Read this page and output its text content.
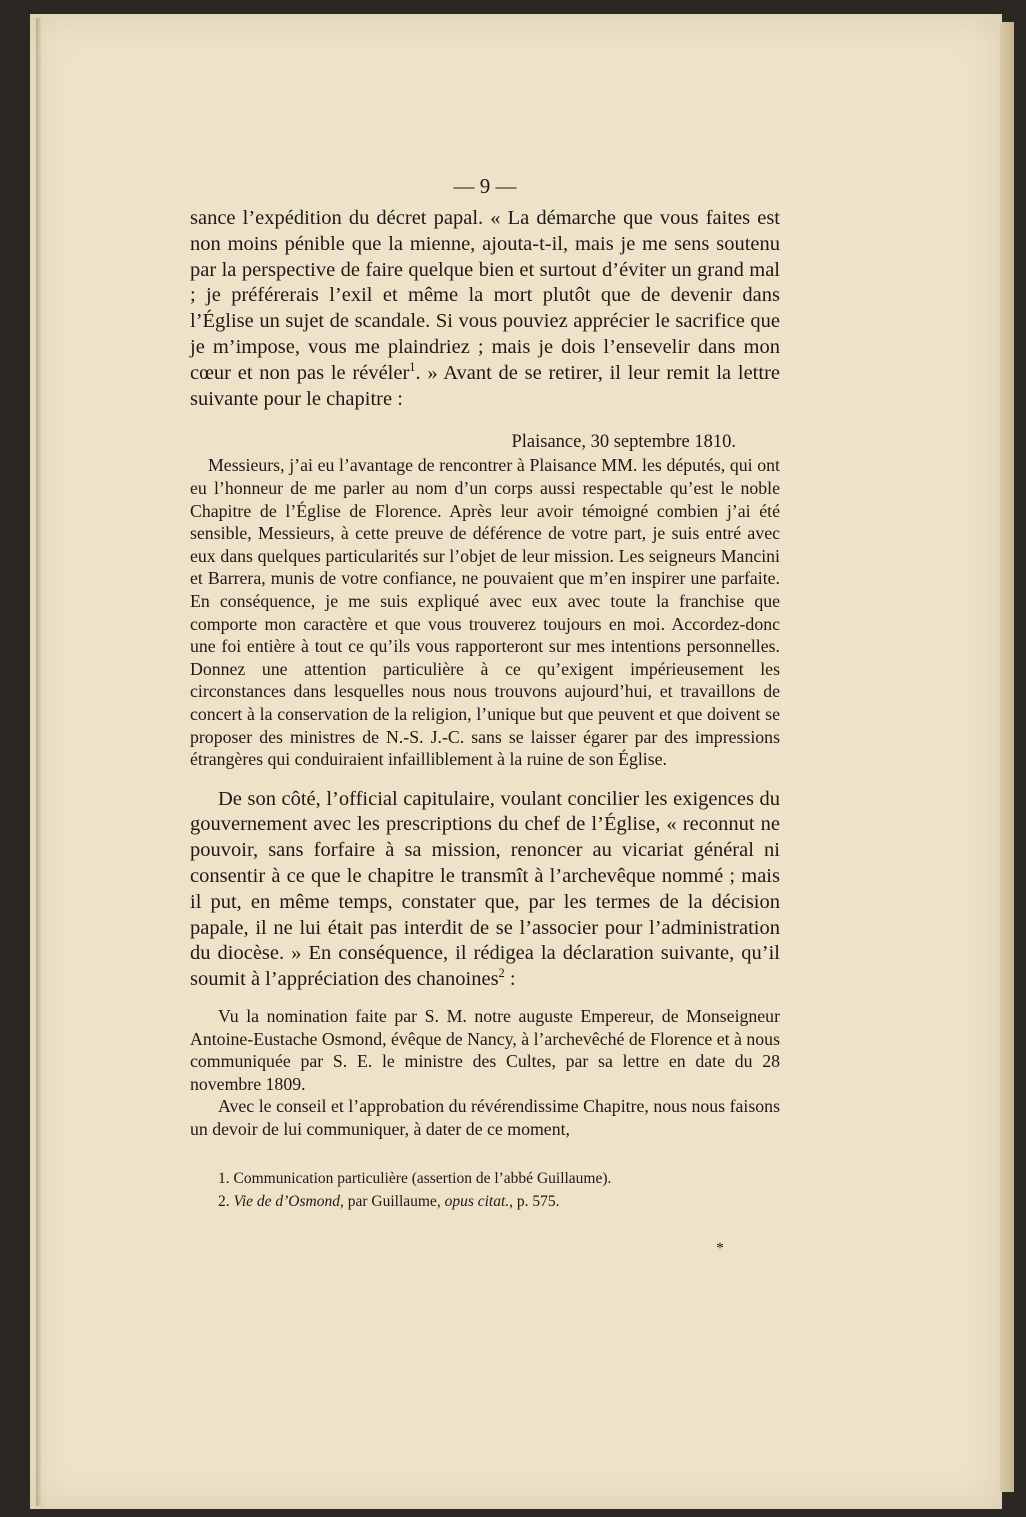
— 9 —

sance l’expédition du décret papal. « La démarche que vous faites est non moins pénible que la mienne, ajouta-t-il, mais je me sens soutenu par la perspective de faire quelque bien et surtout d’éviter un grand mal ; je préférerais l’exil et même la mort plutôt que de devenir dans l’Église un sujet de scandale. Si vous pouviez apprécier le sacrifice que je m’impose, vous me plaindriez ; mais je dois l’ensevelir dans mon cœur et non pas le révéler$^1$. » Avant de se retirer, il leur remit la lettre suivante pour le chapitre :

Plaisance, 30 septembre 1810.

Messieurs, j’ai eu l’avantage de rencontrer à Plaisance MM. les députés, qui ont eu l’honneur de me parler au nom d’un corps aussi respectable qu’est le noble Chapitre de l’Église de Florence. Après leur avoir témoigné combien j’ai été sensible, Messieurs, à cette preuve de déférence de votre part, je suis entré avec eux dans quelques particularités sur l’objet de leur mission. Les seigneurs Mancini et Barrera, munis de votre confiance, ne pouvaient que m’en inspirer une parfaite. En conséquence, je me suis expliqué avec eux avec toute la franchise que comporte mon caractère et que vous trouverez toujours en moi. Accordez-donc une foi entière à tout ce qu’ils vous rapporteront sur mes intentions personnelles. Donnez une attention particulière à ce qu’exigent impérieusement les circonstances dans lesquelles nous nous trouvons aujourd’hui, et travaillons de concert à la conservation de la religion, l’unique but que peuvent et que doivent se proposer des ministres de N.-S. J.-C. sans se laisser égarer par des impressions étrangères qui conduiraient infailliblement à la ruine de son Église.

De son côté, l’official capitulaire, voulant concilier les exigences du gouvernement avec les prescriptions du chef de l’Église, « reconnut ne pouvoir, sans forfaire à sa mission, renoncer au vicariat général ni consentir à ce que le chapitre le transmît à l’archevêque nommé ; mais il put, en même temps, constater que, par les termes de la décision papale, il ne lui était pas interdit de se l’associer pour l’administration du diocèse. » En conséquence, il rédigea la déclaration suivante, qu’il soumit à l’appréciation des chanoines$^2$ :

Vu la nomination faite par S. M. notre auguste Empereur, de Monseigneur Antoine-Eustache Osmond, évêque de Nancy, à l’archevêché de Florence et à nous communiquée par S. E. le ministre des Cultes, par sa lettre en date du 28 novembre 1809.

Avec le conseil et l’approbation du révérendissime Chapitre, nous nous faisons un devoir de lui communiquer, à dater de ce moment,

1. Communication particulière (assertion de l’abbé Guillaume).

2. Vie de d’Osmond, par Guillaume, opus citat., p. 575.

*
